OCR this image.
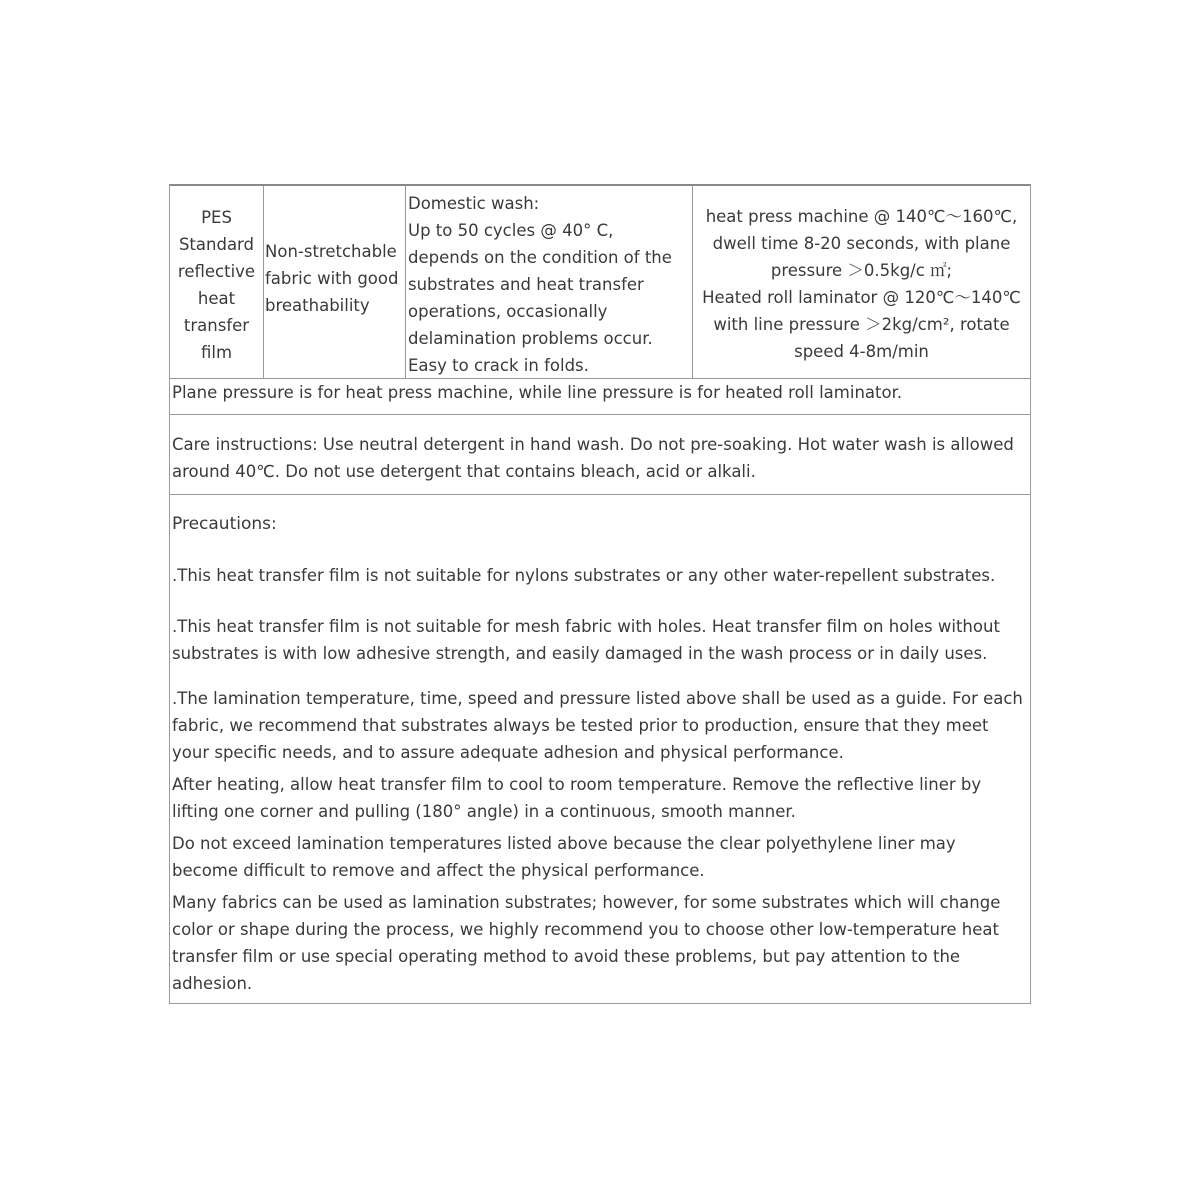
PES
Standard
reflective
heat
transfer
film
Non-stretchable
fabric with good
breathability
Domestic wash:
Up to 50 cycles @ 40° C,
depends on the condition of the
substrates and heat transfer
operations, occasionally
delamination problems occur.
Easy to crack in folds.
heat press machine @ 140℃～160℃,
dwell time 8-20 seconds, with plane
pressure ＞0.5kg/c ㎡;
Heated roll laminator @ 120℃～140℃
with line pressure ＞2kg/cm², rotate
speed 4-8m/min
Plane pressure is for heat press machine, while line pressure is for heated roll laminator.
Care instructions: Use neutral detergent in hand wash. Do not pre-soaking. Hot water wash is allowed
around 40℃. Do not use detergent that contains bleach, acid or alkali.
Precautions:
.This heat transfer film is not suitable for nylons substrates or any other water-repellent substrates.
.This heat transfer film is not suitable for mesh fabric with holes. Heat transfer film on holes without
substrates is with low adhesive strength, and easily damaged in the wash process or in daily uses.
.The lamination temperature, time, speed and pressure listed above shall be used as a guide. For each
fabric, we recommend that substrates always be tested prior to production, ensure that they meet
your specific needs, and to assure adequate adhesion and physical performance.
After heating, allow heat transfer film to cool to room temperature. Remove the reflective liner by
lifting one corner and pulling (180° angle) in a continuous, smooth manner.
Do not exceed lamination temperatures listed above because the clear polyethylene liner may
become difficult to remove and affect the physical performance.
Many fabrics can be used as lamination substrates; however, for some substrates which will change
color or shape during the process, we highly recommend you to choose other low-temperature heat
transfer film or use special operating method to avoid these problems, but pay attention to the
adhesion.
